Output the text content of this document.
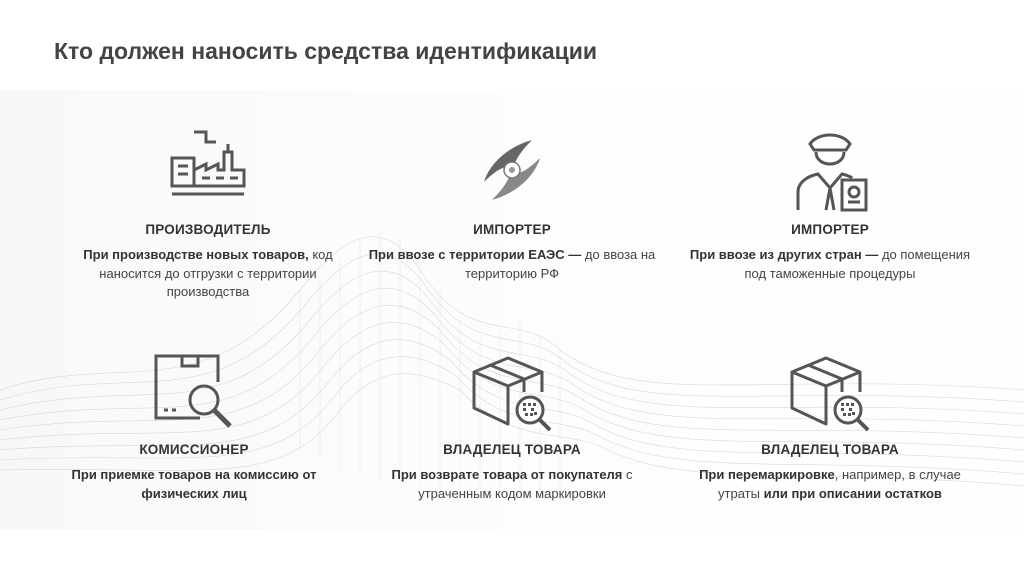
Кто должен наносить средства идентификации
ПРОИЗВОДИТЕЛЬ
При производстве новых товаров, код наносится до отгрузки с территории производства
ИМПОРТЕР
При ввозе с территории ЕАЭС — до ввоза на территорию РФ
ИМПОРТЕР
При ввозе из других стран — до помещения под таможенные процедуры
КОМИССИОНЕР
При приемке товаров на комиссию от физических лиц
ВЛАДЕЛЕЦ ТОВАРА
При возврате товара от покупателя с утраченным кодом маркировки
ВЛАДЕЛЕЦ ТОВАРА
При перемаркировке, например, в случае утраты или при описании остатков
